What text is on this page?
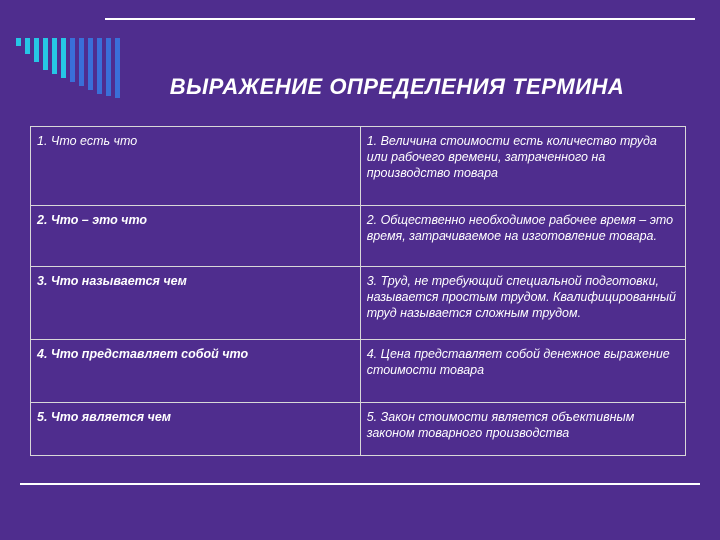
ВЫРАЖЕНИЕ ОПРЕДЕЛЕНИЯ ТЕРМИНА
1. Что есть что	1. Величина стоимости есть количество труда или рабочего времени, затраченного на производство товара
2. Что – это что	2. Общественно необходимое рабочее время – это время, затрачиваемое на изготовление товара.
3. Что называется чем	3. Труд, не требующий специальной подготовки, называется простым трудом. Квалифицированный труд называется сложным трудом.
4. Что представляет собой что	4. Цена представляет собой денежное выражение стоимости товара
5. Что является чем	5. Закон стоимости является объективным законом товарного производства
